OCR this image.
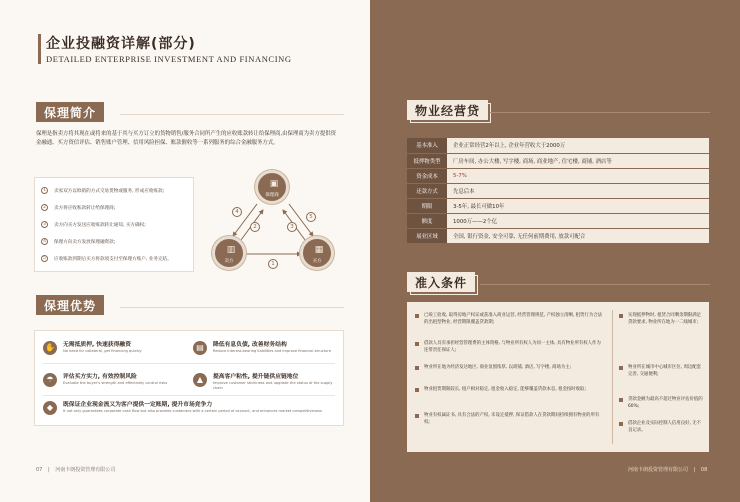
企业投融资详解(部分)
DETAILED ENTERPRISE INVESTMENT AND FINANCING
保理简介
保理是指卖方将其现在或将来的基于其与买方订立的货物销售/服务合同所产生的应收账款转让给保理商,由保理商为卖方提供资金融通、买方资信评估、销售账户管理、信用风险担保、账款催收等一系列服务的综合金融服务方式。
1	卖家双方以赊销的方式交易货物或服务, 形成应收账款;
2	卖方将应收账款转让给保理商;
3	卖方向买方发送应收账款转让通知, 买方确权;
4	保理方向卖方发放保理融资款;
5	应收账款到期后买方将款项支付至保理方账户, 业务完结。
▣
保理商
▥
卖方
▦
买方
1
2	3
4
5
保理优势
✋	无需抵质押, 快速获得融资
No need for collateral, get financing quickly	▤	降低有息负债, 改善财务结构
Reduce interest-bearing liabilities and improve financial structure
☂	评估买方实力, 有效控制风险
Evaluate the buyer's strength and effectively control risks	▲	提高客户粘性, 提升链供应链地位
Improve customer stickiness and upgrade the status of the supply chain
◆	既保证企业现金流又为客户提供一定账期, 提升市场竞争力
It not only guarantees corporate cash flow but also provides customers with a certain period of account, and enhances market competitiveness
07 | 河南卡朗投资管理有限公司
物业经营贷
基本准入	企业正常经营2年以上, 企业年营收大于2000万
抵押物类型	厂房车间, 办公大楼, 写字楼, 商场, 商业地产, 住宅楼, 商铺, 酒店等
资金成本	5-7%
还款方式	先息后本
期限	3-5年, 最长可做10年
额度	1000万——2个亿
展业区域	全国, 银行资金, 安全可靠, 无任何前期费用, 放款可配合
准入条件
已竣工验收, 取得房地产权证或获准入商业运营, 经营管理规范, 产权独立清晰, 租赁行为合法的出租型物业, 经营期限覆盖贷款期;
借款人具有承担经营管理费的主体资格, 与物业所有权人为同一主体, 具有物业所有权人作为连带责任保证人;
物业所在地为经济发达地区, 商业氛围浓厚, 以商铺, 酒店, 写字楼, 商场为主;
物业租赁期限较长, 租户相对稳定, 租金收入稳定, 能够覆盖贷款本息, 租金按时收取;
物业有权属证书, 具有合法的产权, 未设定抵押, 保证借款人在贷款期间持续拥有物业的所有权;
实现抵押物时, 租赁合同剩余期限满足贷款要求, 物业所在地为一二线城市;
物业所在城市中心城市区位, 周边配套完善, 交通便利;
贷款金额为最高不超过物业评估价值的60%;
借款企业及实际控制人信用良好, 无不良记录。
河南卡朗投资管理有限公司 | 08
